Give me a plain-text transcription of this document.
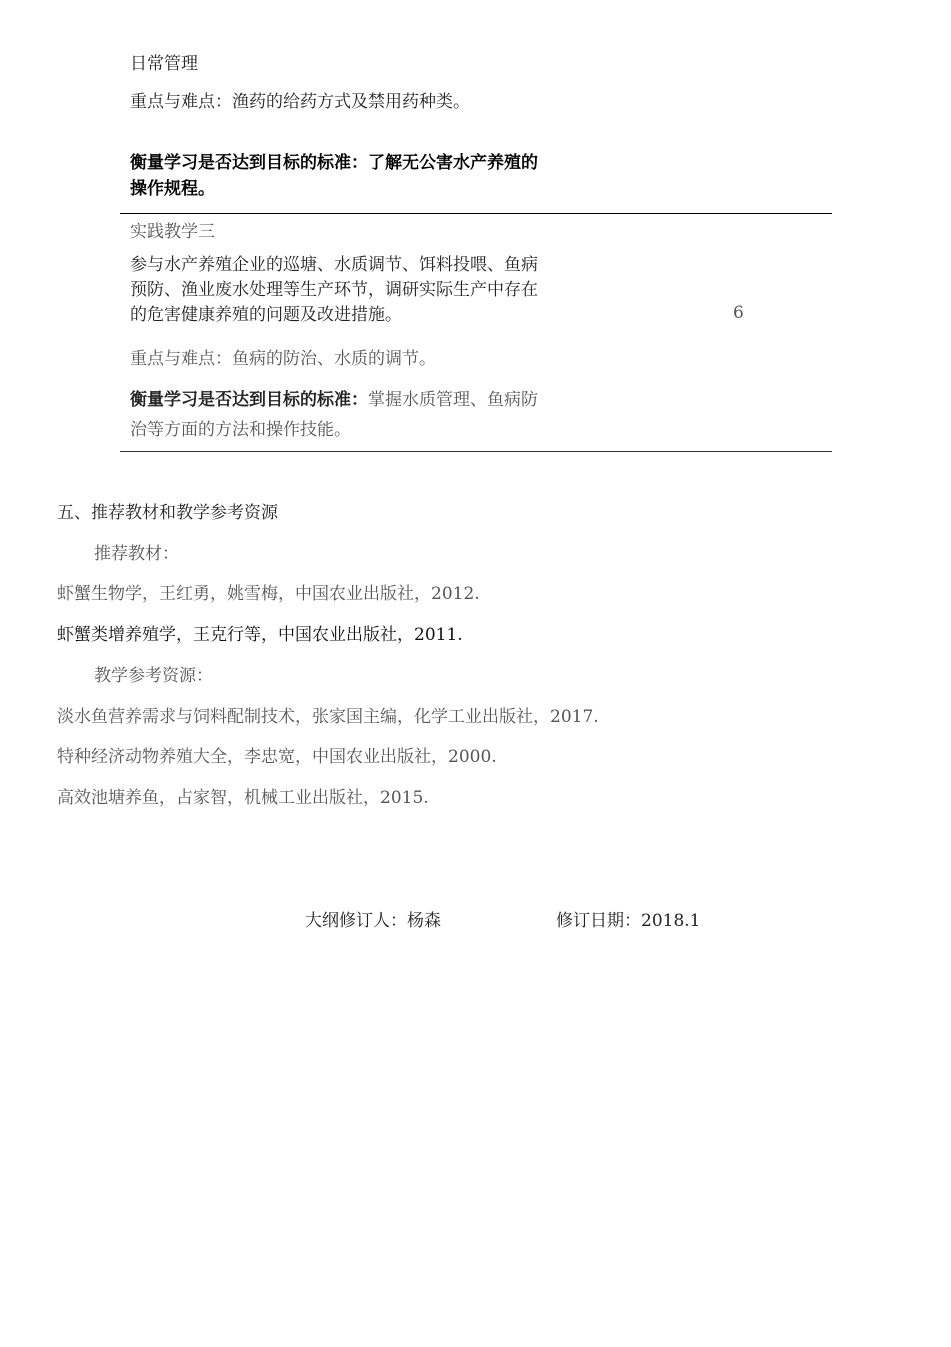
日常管理
重点与难点：渔药的给药方式及禁用药种类。
衡量学习是否达到目标的标准：了解无公害水产养殖的
操作规程。
实践教学三
参与水产养殖企业的巡塘、水质调节、饵料投喂、鱼病
预防、渔业废水处理等生产环节，调研实际生产中存在
的危害健康养殖的问题及改进措施。	6
重点与难点：鱼病的防治、水质的调节。
衡量学习是否达到目标的标准：掌握水质管理、鱼病防
治等方面的方法和操作技能。
五、推荐教材和教学参考资源
推荐教材：
虾蟹生物学，王红勇，姚雪梅，中国农业出版社，2012.
虾蟹类增养殖学，王克行等，中国农业出版社，2011.
教学参考资源：
淡水鱼营养需求与饲料配制技术，张家国主编，化学工业出版社，2017.
特种经济动物养殖大全，李忠宽，中国农业出版社，2000.
高效池塘养鱼，占家智，机械工业出版社，2015.
大纲修订人：杨森	修订日期：2018.1
